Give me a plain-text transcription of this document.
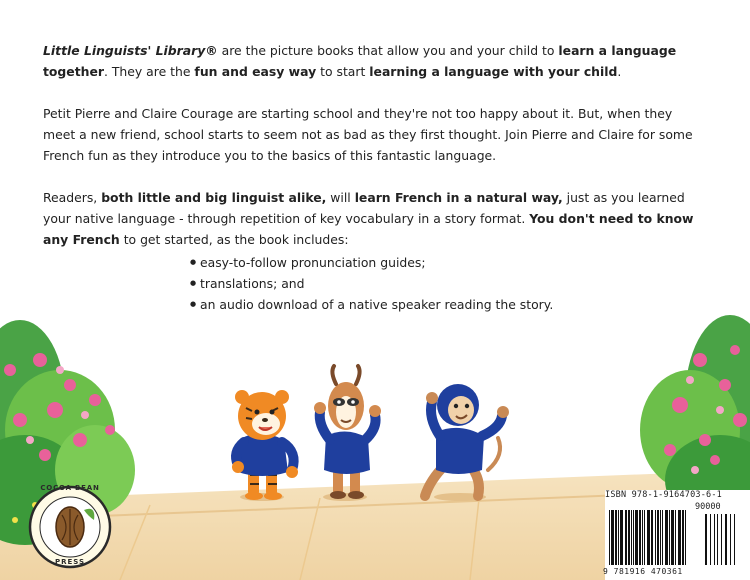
COCOA BEAN
PRESS

Little Linguists' Library® are the picture books that allow you and your child to learn a language together. They are the fun and easy way to start learning a language with your child.

Petit Pierre and Claire Courage are starting school and they're not too happy about it. But, when they meet a new friend, school starts to seem not as bad as they first thought. Join Pierre and Claire for some French fun as they introduce you to the basics of this fantastic language.

Readers, both little and big linguist alike, will learn French in a natural way, just as you learned your native language - through repetition of key vocabulary in a story format. You don't need to know any French to get started, as the book includes:

● easy-to-follow pronunciation guides;
● translations; and
● an audio download of a native speaker reading the story.
ISBN 978-1-9164703-6-1
90000
9 781916 470361
